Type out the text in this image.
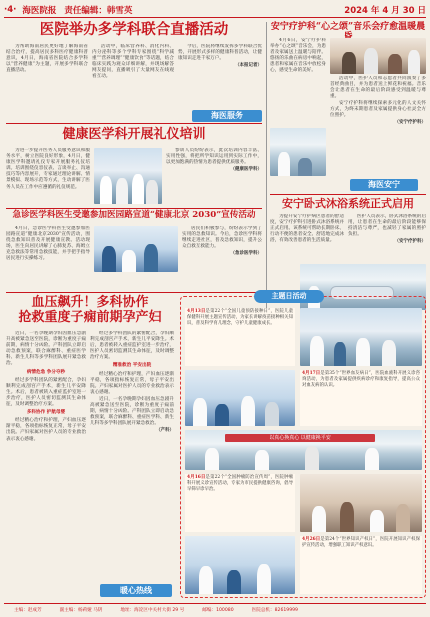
·4· 海医院报 责任编辑：韩雪英	2024 年 4 月 30 日
医院举办多学科联合直播活动

为帮助海南居民更好地了解海南省结合治疗，提高居民多科医疗健康科普意识，4月日，海南省医院结合多学科以“营养健康”为主题，开展多学科联合直播活动。

活动中，临床营养科、消化内科、内分泌科等多个学科专家围绕“科学减重”“营养调理”“健康饮食”等话题，结合临床实践为观众详细讲解，并现场解答网友提问，直播吸引了大量网友在线观看互动。

今后，医院将继续发挥多学科联合优势，开展形式多样的健康科普活动，让健康知识走进千家万户。

（本报记者）
海医服务
安宁疗护科“心之颂”音乐会疗愈温暖晨

4月6日，安宁疗护科举办“心之颂”音乐会，为患者及家属送上温暖与陪伴。悠扬的乐曲在病房中响起，患者和家属在音乐中放松身心，感受生命的美好。

活动中，医护人员和志愿者共同演奏了多首经典曲目，并为患者送上鲜花和祝福。音乐会让患者在生命的最后阶段感受到温暖与尊重。

安宁疗护科将继续探索多元化的人文关怀方式，为终末期患者及家属提供身心社灵全方位照护。

（安宁疗护科）
海医安宁
健康医学科开展礼仪培训

为进一步提升医务人员服务意识和服务水平，树立医院良好形象，4月日，健康医学科邀请礼仪专家开展服务礼仪培训。培训围绕仪容仪表、言谈举止、沟通技巧等内容展开，专家通过理论讲解、情景模拟、现场示范等方式，生动讲解了医务人员在工作中应遵循的礼仪规范。

参训人员纷纷表示，此次培训内容丰富、实用性强，将把所学知识运用到实际工作中，以更加饱满的热情为患者提供优质服务。

（健康医学科）
急诊医学科医生受邀参加医园路宣道“健康北京 2030”宣传活动

4月日，急诊医学科医生受邀参加医园路宣道“健康北京2030”宣传活动，围绕急救知识普及开展健康宣教。活动现场，医生向居民讲解了心肺复苏、海姆立克急救法等常用急救技能，并手把手指导居民进行实操练习。

居民们积极参与，纷纷表示学到了实用的急救知识。今后，急诊医学科将继续走进社区，普及急救知识，提升公众自救互救能力。

（急诊医学科）
安宁卧式沐浴系统正式启用

为提升安宁疗护病区患者的舒适度，安宁疗护科引进卧式沐浴系统并正式启用。该系统可帮助长期卧床、行动不便的患者安全、舒适地完成沐浴，有效改善患者的生活质量。

医护人员表示，卧式沐浴系统的启用，让患者在生命的最后阶段能够保持清洁与尊严，也减轻了家属的照护负担。

（安宁疗护科）
血压飙升！多科协作
抢救重度子痫前期孕产妇

近日，一名孕晚期孕妇因血压急剧升高被紧急送至医院，诊断为重度子痫前期，病情十分凶险。产科团队立即启动急救预案，联合麻醉科、重症医学科、新生儿科等多学科团队展开紧急救治。

病情危急 争分夺秒

经过多学科团队的紧密配合，孕妇顺利完成剖宫产手术，新生儿平安降生。术后，患者被转入重症监护室进一步治疗，医护人员密切监测其生命体征，及时调整治疗方案。

多科协作 护航母婴

经过精心治疗和护理，产妇血压逐渐平稳，各项指标恢复正常，母子平安出院。产妇家属对医护人员的专业救治表示衷心感谢。

经过多学科团队的紧密配合，孕妇顺利完成剖宫产手术，新生儿平安降生。术后，患者被转入重症监护室进一步治疗，医护人员密切监测其生命体征，及时调整治疗方案。

精准救治 平安出院

经过精心治疗和护理，产妇血压逐渐平稳，各项指标恢复正常，母子平安出院。产妇家属对医护人员的专业救治表示衷心感谢。

近日，一名孕晚期孕妇因血压急剧升高被紧急送至医院，诊断为重度子痫前期，病情十分凶险。产科团队立即启动急救预案，联合麻醉科、重症医学科、新生儿科等多学科团队展开紧急救治。

（产科）
暖心热线
主题日活动
4月13日是第22个“全国儿童预防接种日”，医院儿童保健科开展主题宣传活动，为家长讲解疫苗接种相关知识，普及科学育儿理念，守护儿童健康成长。
4月17日是第35个“世界血友病日”，医院血液科开展义诊咨询活动，为患者及家属提供疾病诊疗和康复指导，提高公众对血友病的认识。
以真心换真心 以健康换平安
4月16日是第22个“全国肿瘤防治宣传周”，医院肿瘤科开展义诊宣传活动，专家为市民提供健康咨询，倡导早筛早诊早治。
4月26日是第24个“世界知识产权日”，医院开展知识产权保护宣传活动，增强职工知识产权意识。
主编：赵成芳	副主编：杨莉娅 马钥	地址：海淀区中关村大街 29 号	邮编：100080	医院总机：82619999
